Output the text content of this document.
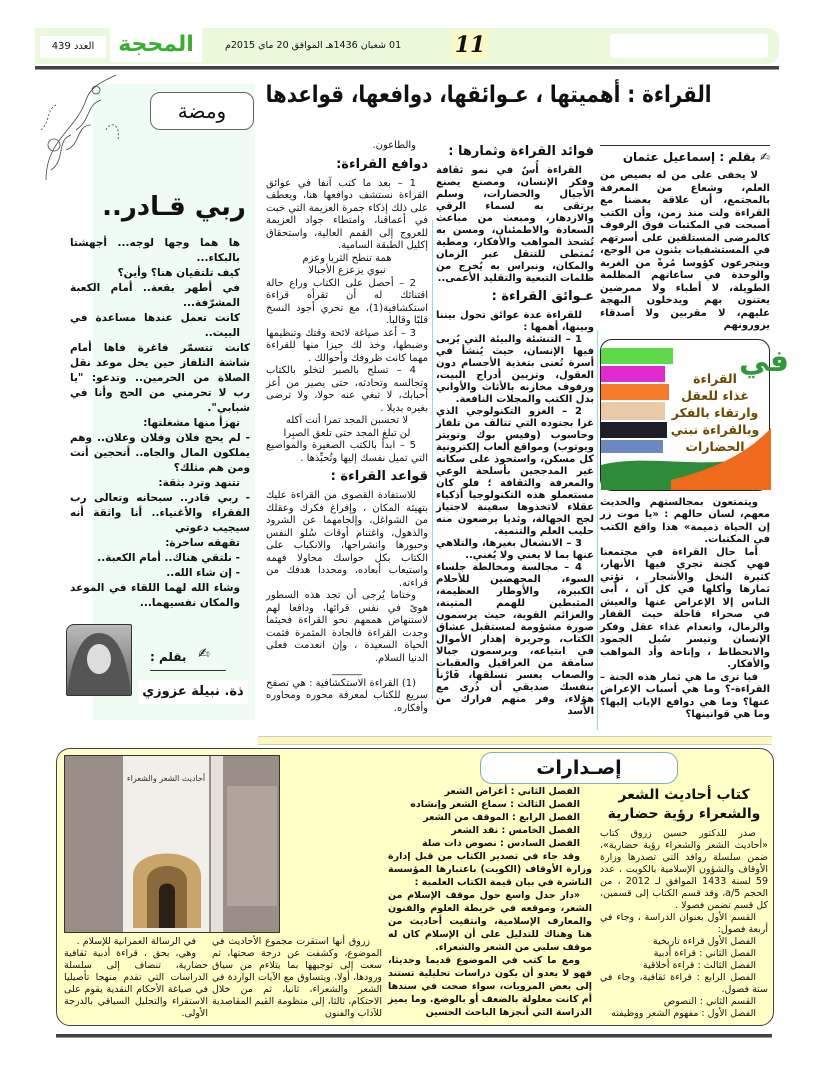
العدد 439	المحجة	01 شعبان 1436هـ الموافق 20 ماي 2015م 11
القراءة : أهميتها ، عـوائقها، دوافعها، قواعدها
ومضة
ربي قـادر..

ها هما وجها لوجه... أجهشتا بالبكاء...

كيف تلتقيان هنا؟ وأين؟

في أطهر بقعة.. أمام الكعبة المشرّفة...

كانت تعمل عندها مساعدة في البيت..

كانت تتسمّر فاغرة فاها أمام شاشة التلفاز حين يحل موعد نقل الصلاة من الحرمين.. وتدعو: "يا رب لا تحرمني من الحج وأنا في شبابي".

تهزأ منها مشغلتها:

- لم يحج فلان وفلان وعلان.. وهم يملكون المال والجاه.. أتحجين أنت ومن هم مثلك؟

تتنهد وترد بثقة:

- ربي قادر.. سبحانه وتعالى رب الفقراء والأغنياء.. أنا واثقة أنه سيجيب دعوتي

تقهقه ساخرة:

- نلتقي هناك.. أمام الكعبة..

- إن شاء الله..

وشاء الله لهما اللقاء في الموعد والمكان نفسيهما...

بقلم : ✍
ذة. نبيلة عزوزي
✍ بقلم : إسماعيل عثمان

لا يخفى على من له بصيص من العلم، وشعاع من المعرفة بالمجتمع، أن علاقة بعضنا مع القراءة ولت منذ زمن، وأن الكتب أصبحت في المكتبات فوق الرفوف كالمرضى المستلقين على أسرتهم في المستشفيات يئنون من الوجع، ويتجرعون كؤوسا مُرةً من الغربة والوحدة في ساعاتهم المظلمة الطويلة، لا أطباء ولا ممرضين يعتنون بهم ويدخلون البهجة عليهم، لا مقربين ولا أصدقاء يزورونهم

في
القراءة
غذاء للعقل
وارتقاء بالفكر
وبالقراءة نبني
الحضارات

ويتمتعون بمجالستهم والحديث معهم، لسان حالهم : «يا موت زر إن الحياة ذميمة» هذا واقع الكتب في المكتبات.

أما حال القراءة في مجتمعنا فهي كجنة تجري فيها الأنهار، كثيرة النخل والأشجار ، تؤتي ثمارها وأكلها في كل آن ، أبى الناس إلا الإعراض عنها والعيش في صحراء قاحلة حيث القفار والرمال، وانعدام غذاء عقل وفكر الإنسان وتيسر سُبل الجمود والانحطاط ، وإناحة وأد المواهب والأفكار.

فيا ترى ما هي ثمار هذه الجنة – القراءة-؟ وما هي أسباب الإعراض عنها؟ وما هي دوافع الإياب إليها؟ وما هي قوانينها؟

فوائد القراءة وثمارها :

القراءة أُسٌ في نمو ثقافة وفكر الإنسان، ومصنع يصنع الأجيال والحضارات، وسلم يرتقى به لسماء الرقي والازدهار، ومبعث من مباعث السعادة والاطمئنان، ومسن به تُشحذ المواهب والأفكار، ومطية تُمتطى للتنقل عبر الزمان والمكان، ونبراس به يُخرج من ظلمات التبعية والتقليد الأعمى..

عـوائق القراءة :

للقراءة عدة عوائق تحول بيننا وبينها، أهمها :

1 – التنشئة والبيئة التي يُربى فيها الإنسان، حيث يُنشأ في أسرة تُعنى بتغذية الأجسام دون العقول، وتزيين أدراج البيت، ورفوف مخازنه بالأثاث والأواني بدل الكتب والمجلات النافعة.

2 – الغزو التكنولوجي الذي غزا بجنوده التي تتالف من تلفاز وحاسوب (وفيس بوك وتويتر ويوتوب) ومواقع ألعاب إلكترونية كل مسكن، واستحوذ على سكانه غير المدججين بأسلحة الوعي والمعرفة والثقافة ؛ فلو كان مستعملو هذه التكنولوجيا أذكياء عقلاء لاتخذوها سفينة لاجتياز لجج الجهالة، وثديا يرضعون منه حليب العلم والتنمية.

3 – الانشغال بغيرها، والتلاهي عنها بما لا يعني ولا يُغني..

4 – مجالسة ومخالطة جلساء السوء، المجهضين للأحلام الكبيرة، والأوطار العظيمة، المثبطين للهمم المتينة، والعزائم القوية، حيث يرسمون صورة مشؤومة لمستقبل عشاق الكتاب، وجريرة إهدار الأموال في ابتياعه، ويرسمون جبالا سامقة من العراقيل والعقبات والصعاب يعسر تسلقها، فَارْنأ بنفسك صديقي أن ذُرى مع هؤلاء، وفر منهم فرارك من الأسد

والطاعون.

دوافع القراءة:

1 – بعد ما كتب آنفا في عوائق القراءة نستشف دوافعها هنا، ويعطف على ذلك إذكاء جمرة العزيمة التي خبت في أعماقنا، وامتطاء جواد العزيمة للعروج إلى القمم العالية، واستحقاق إكليل الطبقة السامية.

همة تنطح الثريا وعزم

نبوي يزعزع الأجبالا

2 – أحصل على الكتاب وراع حالة اقتنائك له أن تقرأه قراءة استكشافية(1)، مع تحري أجود النسخ قلبًا وقالبا.

3 – أعد صياغة لائحة وقتك وتنظيمها وضبطها، وخذ لك حيزا منها للقراءة مهما كانت ظروفك وأحوالك .

4 – تسلح بالصبر لتخلو بالكتاب وتجالسه وتحادثه، حتى يصير من أعز أحبابك، لا تبغي عنه حولا، ولا ترضى بغيره بديلا .

لا تحسبن المجد تمرا أنت آكله

لن تبلغ المجد حتى تلعق الصبِرا

5 – ابدأ بالكتب الصغيرة والمواضيع التي تميل نفسك إليها وتُحبِّذها .

قواعد القراءة :

للاستفادة القصوى من القراءة عليك بتهيئة المكان ، وإفراغ فكرك وعقلك من الشواغل، وإلجامهما عن الشرود والذهول، واغتنام أوقات سُلو النفس وحبورها وانشراحها، والانكباب على الكتاب بكل حواسك محاولا فهمه واستيعاب أبعاده، ومحددا هدفك من قراءته.

وختاما يُرجى أن تجد هذه السطور هوىً في نفس قرائها، ودافعا لهم لاستنهاض هممهم نحو القراءة فحيثما وجدت القراءة فالجادة المثمرة فثمت الحياة السعيدة ، وإن انعدمت فعلى الدنيا السلام.

______

(1) القراءة الاستكشافية : هي تصفح سريع للكتاب لمعرفة محوره ومحاوره وأفكاره.

إصـدارات
أحاديث الشعر والشعراء
كتاب أحاديث الشعر والشعراء رؤية حضارية

صدر للدكتور حسين زروق كتاب «أحاديث الشعر والشعراء رؤية حضارية»، ضمن سلسلة روافد التي تصدرها وزارة الأوقاف والشؤون الإسلامية بالكويت ، عدد 59 لسنة 1433 الموافق لـ 2012 ، من الحجم a/5، وقد قسم الكتاب إلى قسمين، كل قسم تضمن فصولا .

القسم الأول بعنوان الدراسة ، وجاء في أربعة فصول:

الفصل الأول قراءة تاريخية

الفصل الثاني : قراءة أدبية

الفصل الثالث : قراءة أخلاقية

الفصل الرابع : قراءة ثقافية، وجاء في ستة فصول.

القسم الثاني : النصوص

الفصل الأول : مفهوم الشعر ووظيفته

الفصل الثاني : أغراض الشعر

الفصل الثالث : سماع الشعر وإنشاده

الفصل الرابع : الموقف من الشعر

الفصل الخامس : نقد الشعر

الفصل السادس : نصوص ذات صلة

وقد جاء في تصدير الكتاب من قبل إدارة وزارة الأوقاف (الكويت) باعتبارها المؤسسة الناشرة في بيان قيمة الكتاب العلمية :

«دار جدل واسع حول موقف الإسلام من الشعر، وموقعه في خريطة العلوم والفنون والمعارف الإسلامية، وانتقيت أحاديث من هنا وهناك للتدليل على أن الإسلام كان له موقف سلبي من الشعر والشعراء.

ومع ما كتب في الموضوع قديما وحديثا، فهو لا يعدو أن يكون دراسات تحليلية تستند إلى بعض المرويات، سواء صحت في سندها أم كانت معلولة بالضعف أو بالوضع. وما يميز الدراسة التي أنجزها الباحث الحسين

زروق أنها استقرت مجموع الأحاديث في الموضوع، وكشفت عن درجة صحتها، ثم سعت إلى توجيهها بما يتلاءم من سياق ورودها، أولا، ويتساوق مع الآيات الواردة في الشعر والشعراء، ثانيا، ثم من خلال الاحتكام، ثالثا، إلى منظومة القيم المقاصدية للآداب والفنون

في الرسالة العمرانية للإسلام .

وهي، بحق ، قراءة أدبية ثقافية حضارية، تنضاف إلى سلسلة الدراسات التي تقدم منهجا تأصيليا في صياغة الأحكام النقدية يقوم على الاستقراء والتحليل السياقي بالدرجة الأولى.
